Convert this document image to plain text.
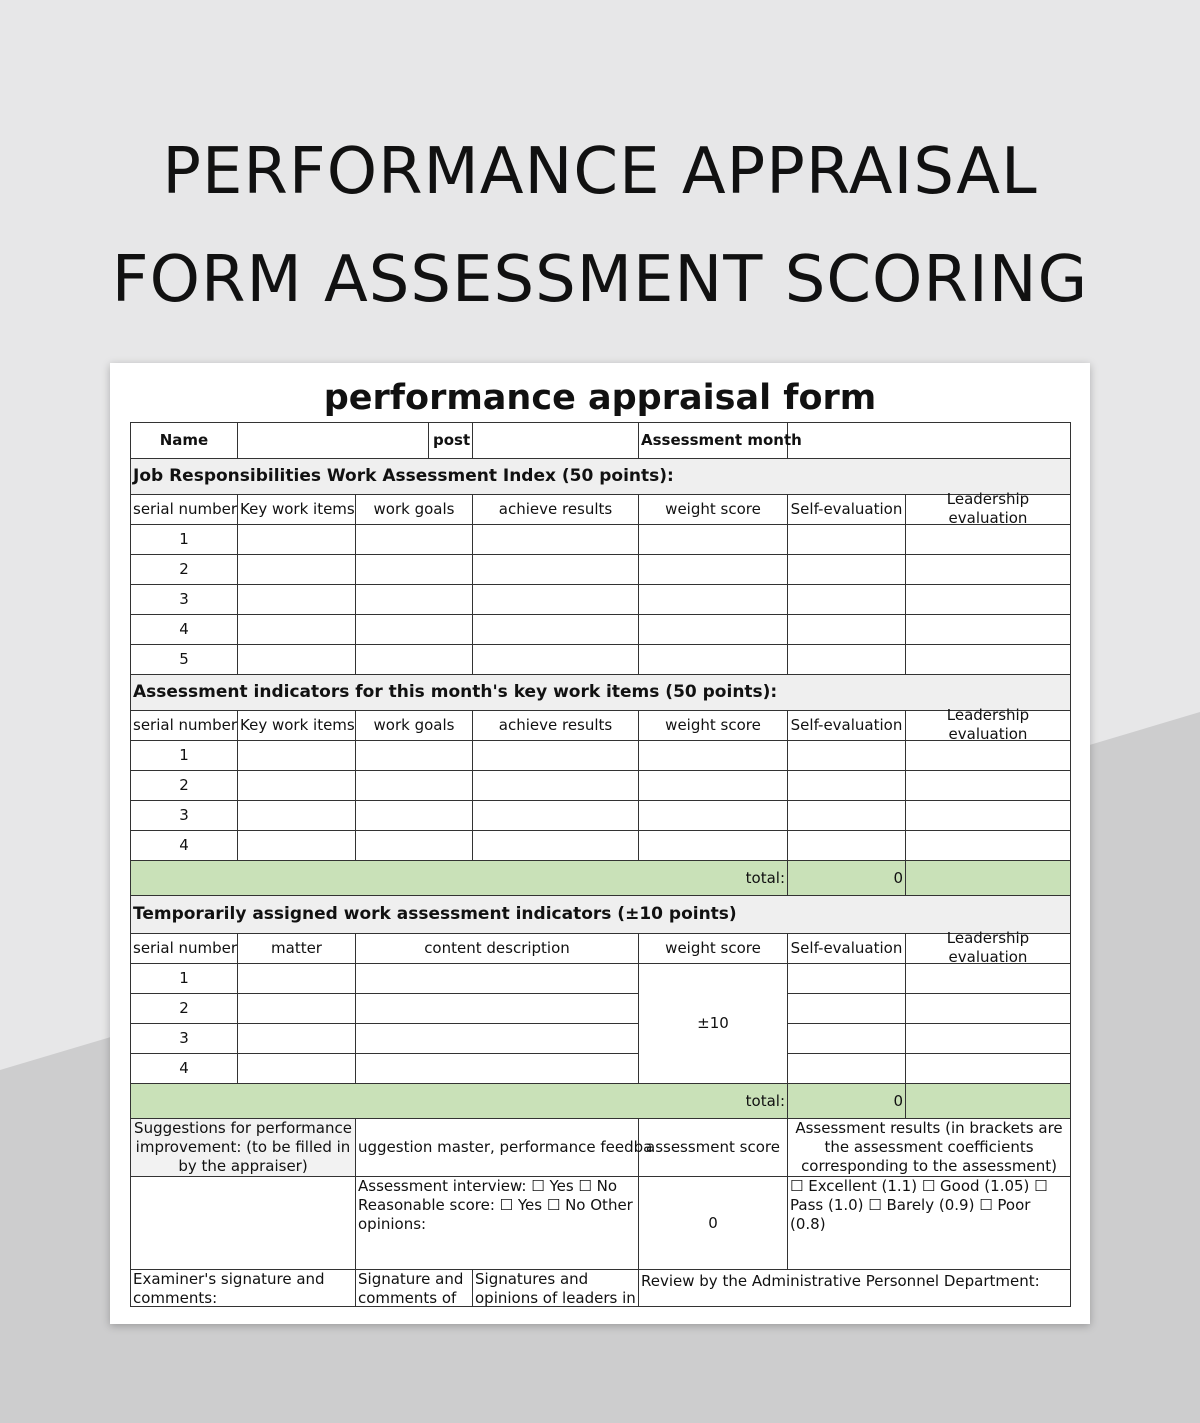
PERFORMANCE APPRAISAL
FORM ASSESSMENT SCORING
performance appraisal form
Name	post			Assessment month		
Job Responsibilities Work Assessment Index (50 points):						
serial number	Key work items	work goals	achieve results	weight score	Self-evaluation	Leadership evaluation

1						
2						
3						
4						
5						
Assessment indicators for this month's key work items (50 points):						
serial number	Key work items	work goals	achieve results	weight score	Self-evaluation	Leadership evaluation

1						
2						
3						
4						
total:					0	
Temporarily assigned work assessment indicators (±10 points)						
serial number	matter	content description		weight score	Self-evaluation	Leadership evaluation

1				±10		
2						
3						
4						
total:					0	
Suggestions for performance improvement: (to be filled in by the appraiser)		uggestion master, performance feedba		assessment score	Assessment results (in brackets are the assessment coefficients corresponding to the assessment)	
		Assessment interview: ☐ Yes ☐ No Reasonable score: ☐ Yes ☐ No Other opinions:		0	☐ Excellent (1.1) ☐ Good (1.05) ☐ Pass (1.0) ☐ Barely (0.9) ☐ Poor (0.8)	

Examiner's signature and comments:		Signature and comments of	Signatures and opinions of leaders in	Review by the Administrative Personnel Department:		
